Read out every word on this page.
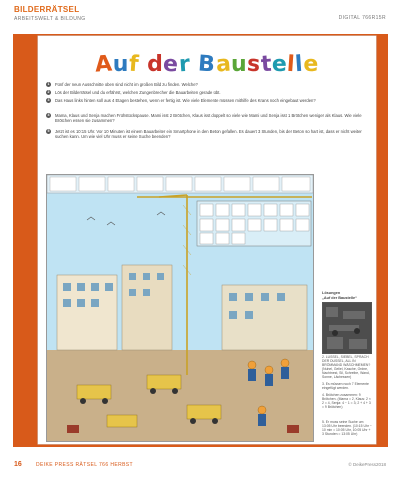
BILDERRÄTSEL
ARBEITSWELT & BILDUNG	DIGITAL 766R15R
Auf der Baustelle
1	Fünf der neun Ausschnitte oben sind nicht im großen Bild zu finden. Welche?
2	Lös der Bilderrätsel und du erfährst, welchen Zungenbrecher die Bauarbeiten gerade übt.
3	Das Haus links hinten soll aus 4 Etagen bestehen, wenn er fertig ist. Wie viele Elemente müssen mithilfe des Krans noch eingebaut werden?
4	Mama, Klaus und Senja machen Frühstückspause. Mami isst 2 Brötchen, Klaus isst doppelt so viele wie Mami und Senja isst 1 Brötchen weniger als Klaus. Wie viele Brötchen essen sie zusammen?
5	Jetzt ist es 10:15 Uhr. Vor 10 Minuten ist einem Bauarbeiter ein Smartphone in den Beton gefallen. Es dauert 3 Stunden, bis der Beton so hart ist, dass er nicht weiter suchen kann. Um wie viel Uhr muss er seine Suche beenden?
Lösungen
„Auf der Baustelle“
2. LUSSEL, SIEBEL, SPRACH DER DUSSEL, ALL IN BRÖMMAND WÄSCHMEMEN? (Nuhel, Geliel, Kasche, Ordne, Nachtnest, Sil, Schreibe, Wand, Sonne, Lächessen)
3. Es müssen noch 7 Elemente eingefügt werden.
4. Brötchen zusammen: 9 Brötchen. (Mama = 2, Klaus: 2 × 2 = 4, Senja: 4 − 1 = 3; 2 + 4 + 3 = 9 Brötchen)
5. Er muss seine Suche um 13:05 Uhr beenden. (10:15 Uhr − 10 min = 10:05 Uhr, 10:05 Uhr + 3 Stunden = 13:05 Uhr)
16	DEIKE PRESS RÄTSEL 766 HERBST	© DeikePress2018
